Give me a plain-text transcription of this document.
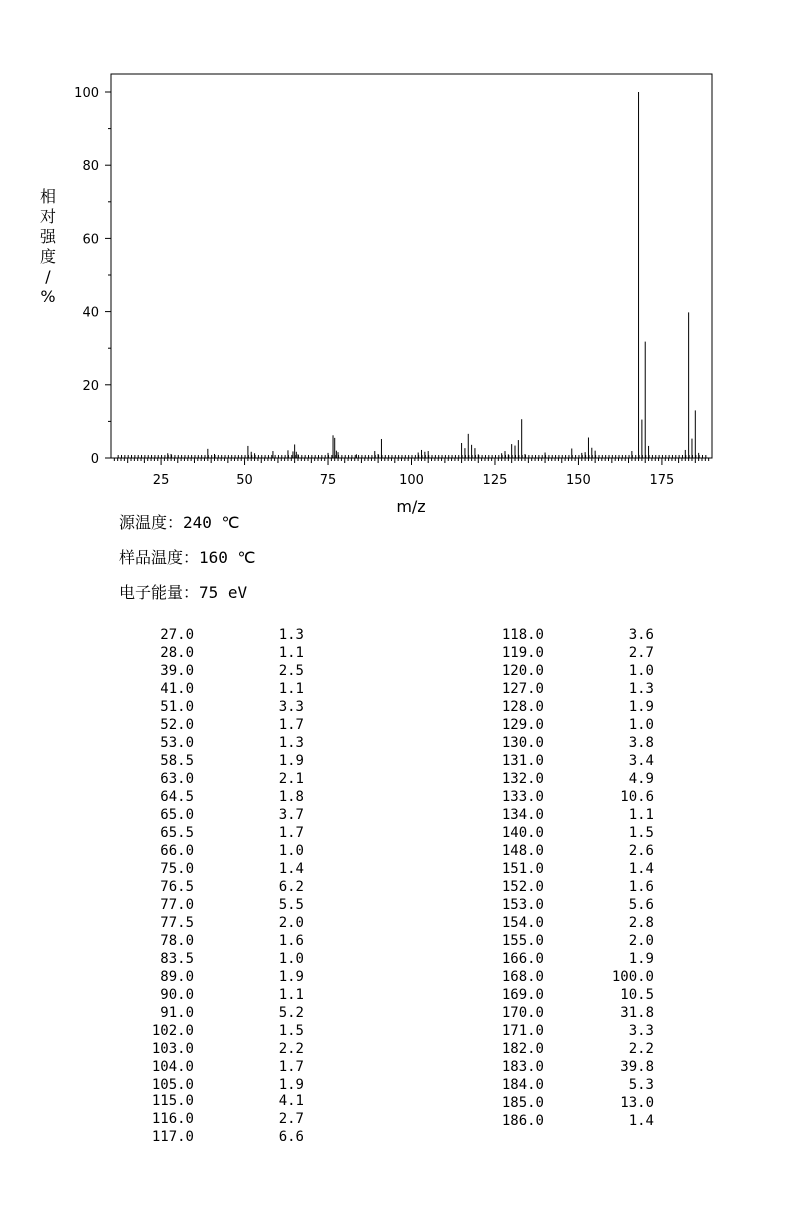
0
20
40
60
80
100
25	50	75	100	125	150	175
相
对
强
度
/
%
m/z
源温度：240 ℃
样品温度：160 ℃
电子能量：75 eV
27.0	1.3
28.0	1.1
39.0	2.5
41.0	1.1
51.0	3.3
52.0	1.7
53.0	1.3
58.5	1.9
63.0	2.1
64.5	1.8
65.0	3.7
65.5	1.7
66.0	1.0
75.0	1.4
76.5	6.2
77.0	5.5
77.5	2.0
78.0	1.6
83.5	1.0
89.0	1.9
90.0	1.1
91.0	5.2
102.0	1.5
103.0	2.2
104.0	1.7
105.0	1.9
115.0	4.1
116.0	2.7
117.0	6.6
118.0	3.6
119.0	2.7
120.0	1.0
127.0	1.3
128.0	1.9
129.0	1.0
130.0	3.8
131.0	3.4
132.0	4.9
133.0	10.6
134.0	1.1
140.0	1.5
148.0	2.6
151.0	1.4
152.0	1.6
153.0	5.6
154.0	2.8
155.0	2.0
166.0	1.9
168.0	100.0
169.0	10.5
170.0	31.8
171.0	3.3
182.0	2.2
183.0	39.8
184.0	5.3
185.0	13.0
186.0	1.4
